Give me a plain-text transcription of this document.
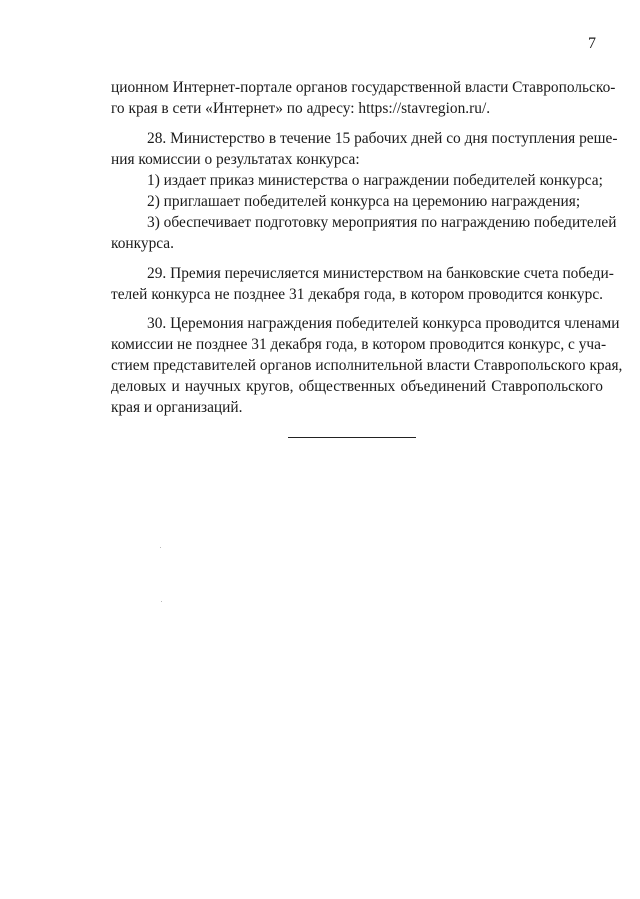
7
ционном Интернет-портале органов государственной власти Ставропольско-
го края в сети «Интернет» по адресу: https://stavregion.ru/.
28. Министерство в течение 15 рабочих дней со дня поступления реше-
ния комиссии о результатах конкурса:
1) издает приказ министерства о награждении победителей конкурса;
2) приглашает победителей конкурса на церемонию награждения;
3) обеспечивает подготовку мероприятия по награждению победителей
конкурса.
29. Премия перечисляется министерством на банковские счета победи-
телей конкурса не позднее 31 декабря года, в котором проводится конкурс.
30. Церемония награждения победителей конкурса проводится членами
комиссии не позднее 31 декабря года, в котором проводится конкурс, с уча-
стием представителей органов исполнительной власти Ставропольского края,
деловых и научных кругов, общественных объединений Ставропольского
края и организаций.
